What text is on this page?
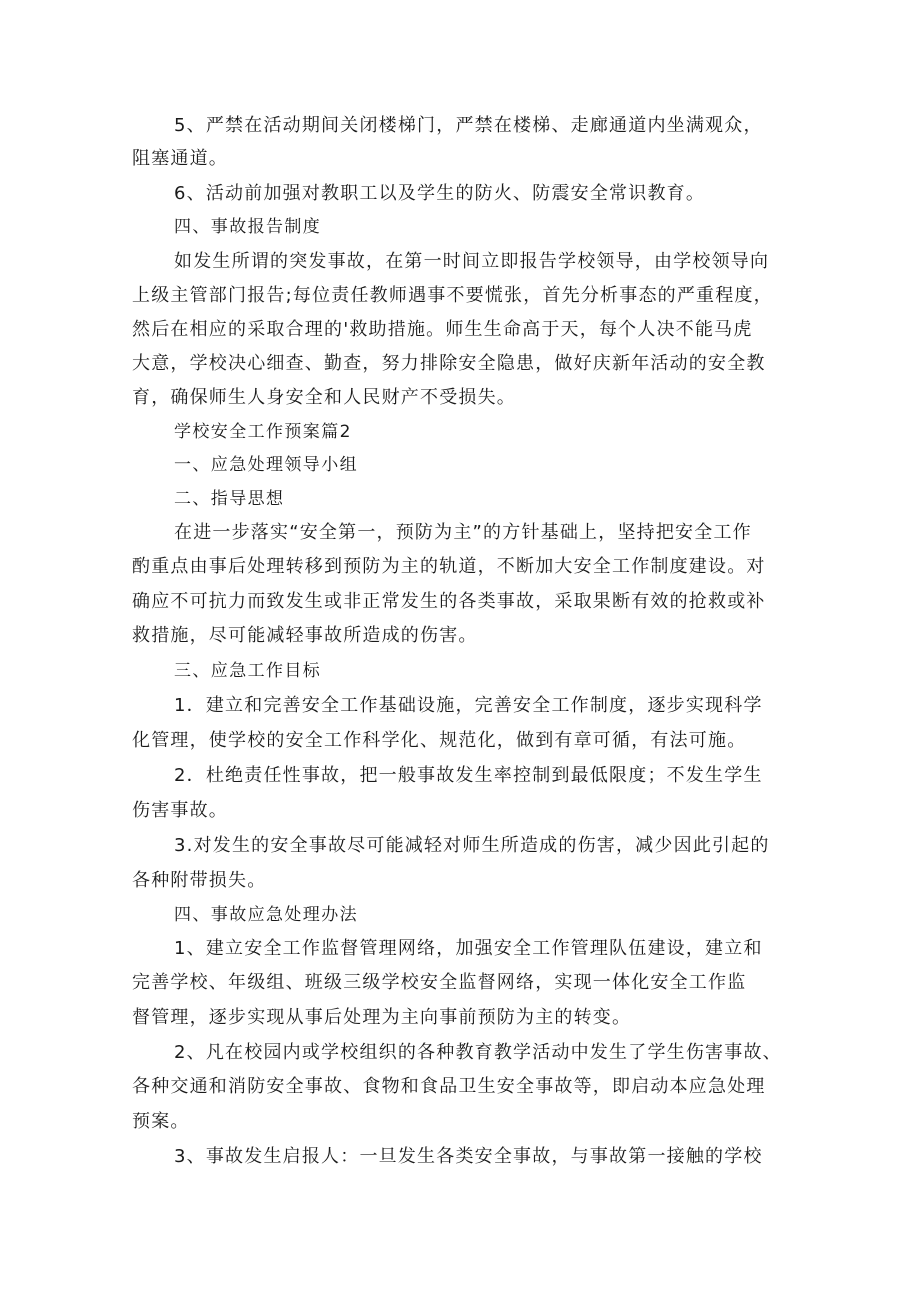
5、严禁在活动期间关闭楼梯门，严禁在楼梯、走廊通道内坐满观众，
阻塞通道。
6、活动前加强对教职工以及学生的防火、防震安全常识教育。
四、事故报告制度
如发生所谓的突发事故，在第一时间立即报告学校领导，由学校领导向
上级主管部门报告;每位责任教师遇事不要慌张，首先分析事态的严重程度，
然后在相应的采取合理的'救助措施。师生生命高于天，每个人决不能马虎
大意，学校决心细查、勤查，努力排除安全隐患，做好庆新年活动的安全教
育，确保师生人身安全和人民财产不受损失。
学校安全工作预案篇2
一、应急处理领导小组
二、指导思想
在进一步落实“安全第一，预防为主”的方针基础上，坚持把安全工作
酌重点由事后处理转移到预防为主的轨道，不断加大安全工作制度建设。对
确应不可抗力而致发生或非正常发生的各类事故，采取果断有效的抢救或补
救措施，尽可能减轻事故所造成的伤害。
三、应急工作目标
1．建立和完善安全工作基础设施，完善安全工作制度，逐步实现科学
化管理，使学校的安全工作科学化、规范化，做到有章可循，有法可施。
2．杜绝责任性事故，把一般事故发生率控制到最低限度；不发生学生
伤害事故。
3.对发生的安全事故尽可能减轻对师生所造成的伤害，减少因此引起的
各种附带损失。
四、事故应急处理办法
1、建立安全工作监督管理网络，加强安全工作管理队伍建设，建立和
完善学校、年级组、班级三级学校安全监督网络，实现一体化安全工作监
督管理，逐步实现从事后处理为主向事前预防为主的转变。
2、凡在校园内或学校组织的各种教育教学活动中发生了学生伤害事故、
各种交通和消防安全事故、食物和食品卫生安全事故等，即启动本应急处理
预案。
3、事故发生启报人：一旦发生各类安全事故，与事故第一接触的学校
